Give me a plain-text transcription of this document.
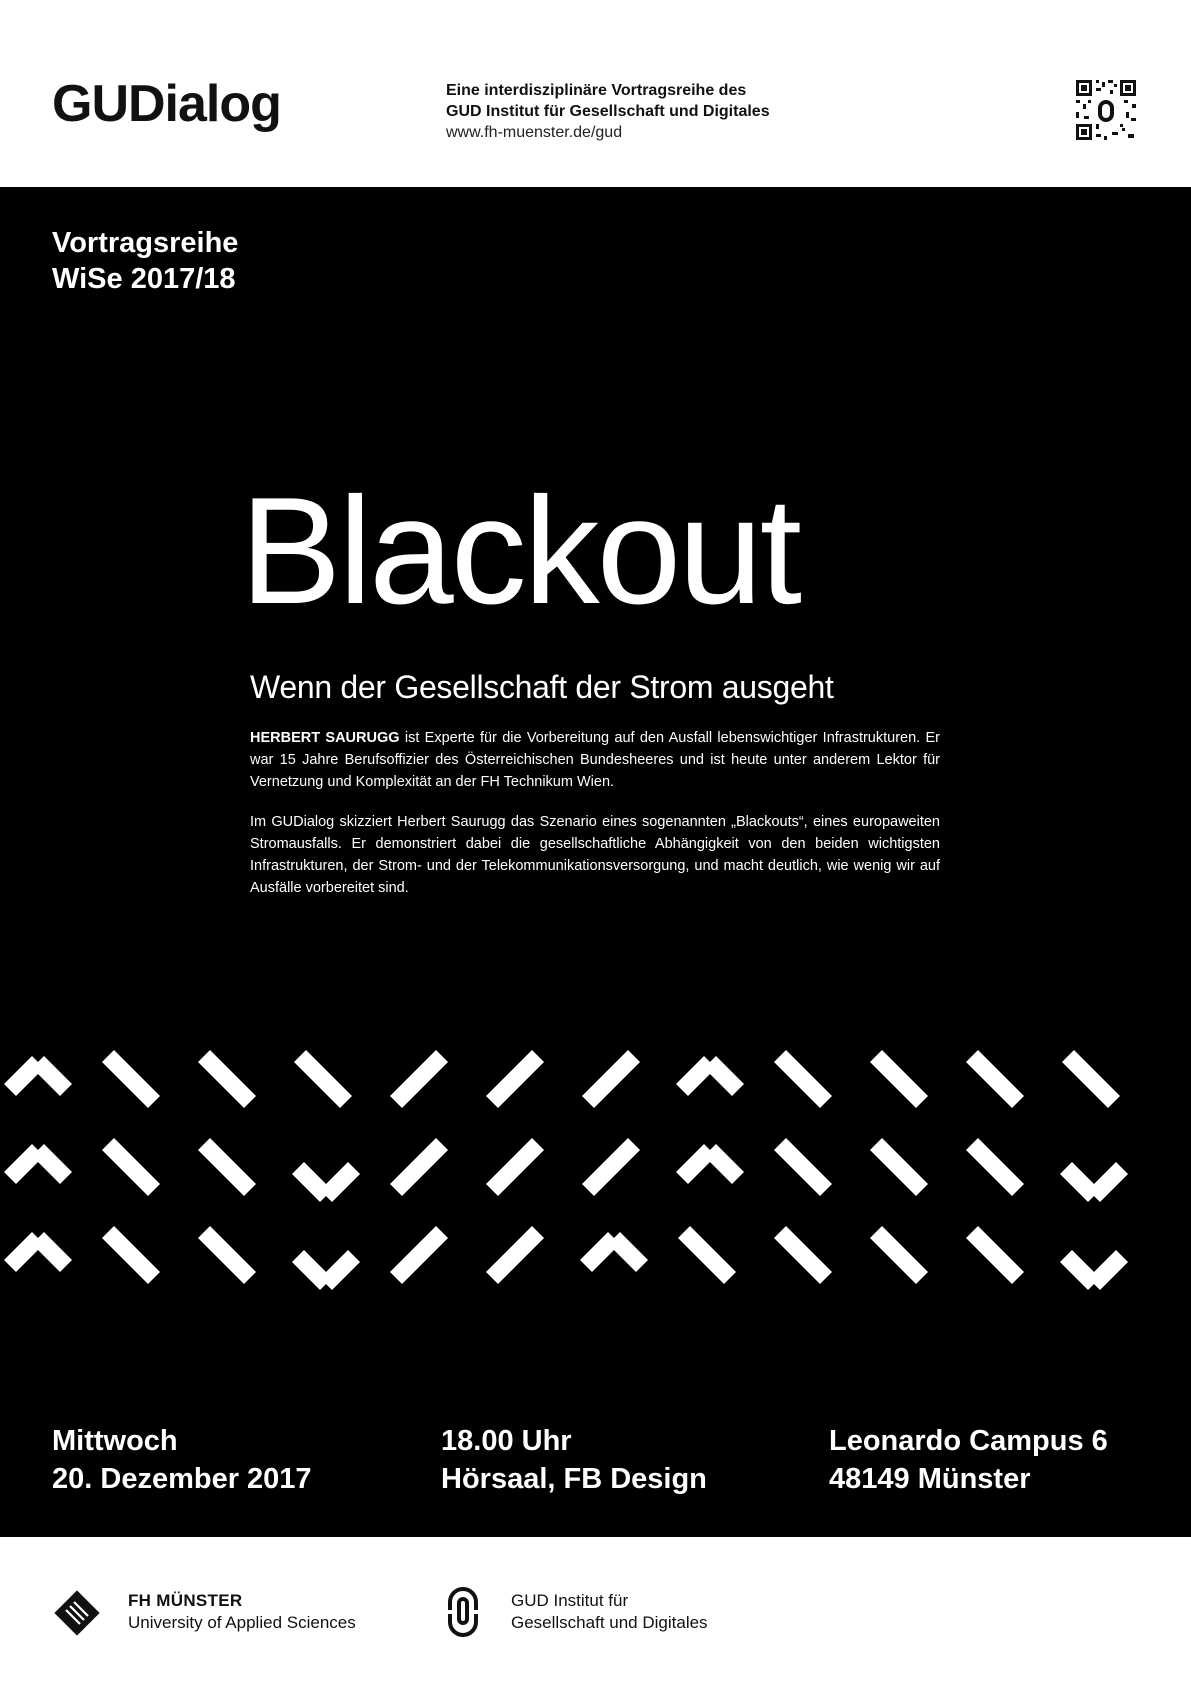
GUDialog	Eine interdisziplinäre Vortragsreihe des
GUD Institut für Gesellschaft und Digitales
www.fh-muenster.de/gud
Vortragsreihe
WiSe 2017/18
Blackout
Wenn der Gesellschaft der Strom ausgeht
HERBERT SAURUGG ist Experte für die Vorbereitung auf den Ausfall lebenswichtiger Infrastrukturen. Er war 15 Jahre Berufsoffizier des Österreichischen Bundesheeres und ist heute unter anderem Lektor für Vernetzung und Komplexität an der FH Technikum Wien.
Im GUDialog skizziert Herbert Saurugg das Szenario eines sogenannten „Blackouts“, eines europaweiten Stromausfalls. Er demonstriert dabei die gesellschaftliche Abhängigkeit von den beiden wichtigsten Infrastrukturen, der Strom- und der Telekommunikationsversorgung, und macht deutlich, wie wenig wir auf Ausfälle vorbereitet sind.
Mittwoch
20. Dezember 2017
18.00 Uhr
Hörsaal, FB Design
Leonardo Campus 6
48149 Münster
FH MÜNSTER
University of Applied Sciences
GUD Institut für
Gesellschaft und Digitales
